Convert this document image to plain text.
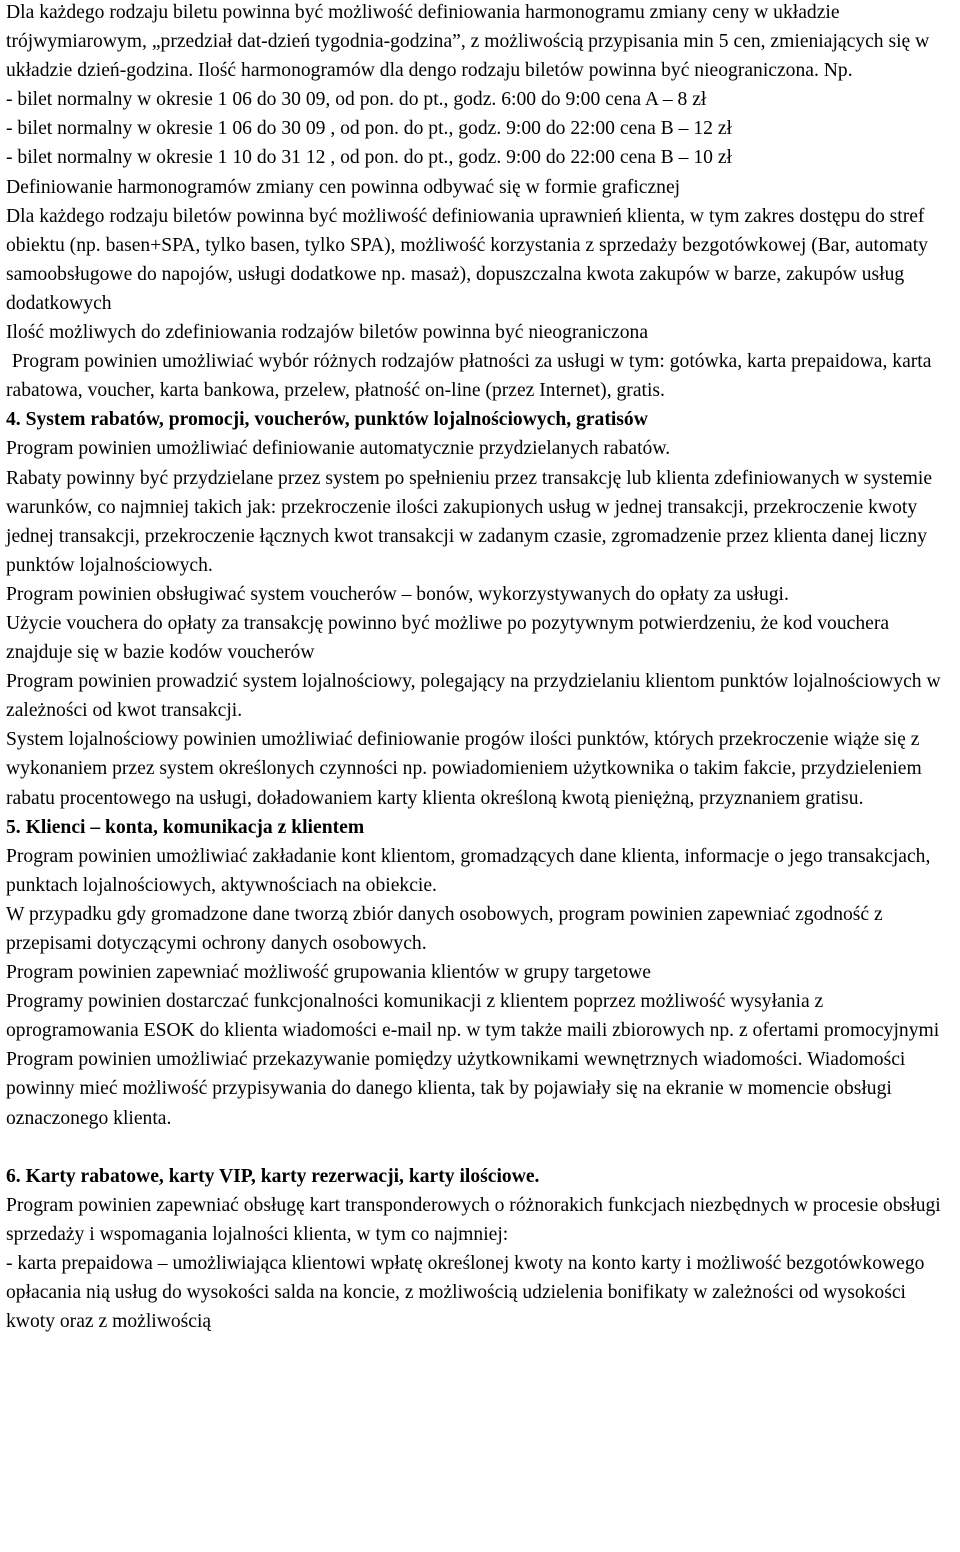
Dla każdego rodzaju biletu powinna być możliwość definiowania harmonogramu zmiany ceny w układzie trójwymiarowym, „przedział dat-dzień tygodnia-godzina”, z możliwością przypisania min 5 cen, zmieniających się w układzie dzień-godzina. Ilość harmonogramów dla dengo rodzaju biletów powinna być nieograniczona. Np.
- bilet normalny w okresie 1 06 do 30 09, od pon. do pt., godz. 6:00 do 9:00 cena A – 8 zł
- bilet normalny w okresie 1 06 do 30 09 , od pon. do pt., godz. 9:00 do 22:00 cena B – 12 zł
- bilet normalny w okresie 1 10 do 31 12 , od pon. do pt., godz. 9:00 do 22:00 cena B – 10 zł
Definiowanie harmonogramów zmiany cen powinna odbywać się w formie graficznej
Dla każdego rodzaju biletów powinna być możliwość definiowania uprawnień klienta, w tym zakres dostępu do stref obiektu (np. basen+SPA, tylko basen, tylko SPA), możliwość korzystania z sprzedaży bezgotówkowej (Bar, automaty samoobsługowe do napojów, usługi dodatkowe np. masaż), dopuszczalna kwota zakupów w barze, zakupów usług dodatkowych
Ilość możliwych do zdefiniowania rodzajów biletów powinna być nieograniczona
Program powinien umożliwiać wybór różnych rodzajów płatności za usługi w tym: gotówka, karta prepaidowa, karta rabatowa, voucher, karta bankowa, przelew, płatność on-line (przez Internet), gratis.
4. System rabatów, promocji, voucherów, punktów lojalnościowych, gratisów
Program powinien umożliwiać definiowanie automatycznie przydzielanych rabatów.
Rabaty powinny być przydzielane przez system po spełnieniu przez transakcję lub klienta zdefiniowanych w systemie warunków, co najmniej takich jak: przekroczenie ilości zakupionych usług w jednej transakcji, przekroczenie kwoty jednej transakcji, przekroczenie łącznych kwot transakcji w zadanym czasie, zgromadzenie przez klienta danej liczny punktów lojalnościowych.
Program powinien obsługiwać system voucherów – bonów, wykorzystywanych do opłaty za usługi.
Użycie vouchera do opłaty za transakcję powinno być możliwe po pozytywnym potwierdzeniu, że kod vouchera znajduje się w bazie kodów voucherów
Program powinien prowadzić system lojalnościowy, polegający na przydzielaniu klientom punktów lojalnościowych w zależności od kwot transakcji.
System lojalnościowy powinien umożliwiać definiowanie progów ilości punktów, których przekroczenie wiąże się z wykonaniem przez system określonych czynności np. powiadomieniem użytkownika o takim fakcie, przydzieleniem rabatu procentowego na usługi, doładowaniem karty klienta określoną kwotą pieniężną, przyznaniem gratisu.
5. Klienci – konta, komunikacja z klientem
Program powinien umożliwiać zakładanie kont klientom, gromadzących dane klienta, informacje o jego transakcjach, punktach lojalnościowych, aktywnościach na obiekcie.
W przypadku gdy gromadzone dane tworzą zbiór danych osobowych, program powinien zapewniać zgodność z przepisami dotyczącymi ochrony danych osobowych.
Program powinien zapewniać możliwość grupowania klientów w grupy targetowe
Programy powinien dostarczać funkcjonalności komunikacji z klientem poprzez możliwość wysyłania z oprogramowania ESOK do klienta wiadomości e-mail np. w tym także maili zbiorowych np. z ofertami promocyjnymi
Program powinien umożliwiać przekazywanie pomiędzy użytkownikami wewnętrznych wiadomości. Wiadomości powinny mieć możliwość przypisywania do danego klienta, tak by pojawiały się na ekranie w momencie obsługi oznaczonego klienta.
6. Karty rabatowe, karty VIP, karty rezerwacji, karty ilościowe.
Program powinien zapewniać obsługę kart transponderowych o różnorakich funkcjach niezbędnych w procesie obsługi sprzedaży i wspomagania lojalności klienta, w tym co najmniej:
- karta prepaidowa – umożliwiająca klientowi wpłatę określonej kwoty na konto karty i możliwość bezgotówkowego opłacania nią usług do wysokości salda na koncie, z możliwością udzielenia bonifikaty w zależności od wysokości kwoty oraz z możliwością
